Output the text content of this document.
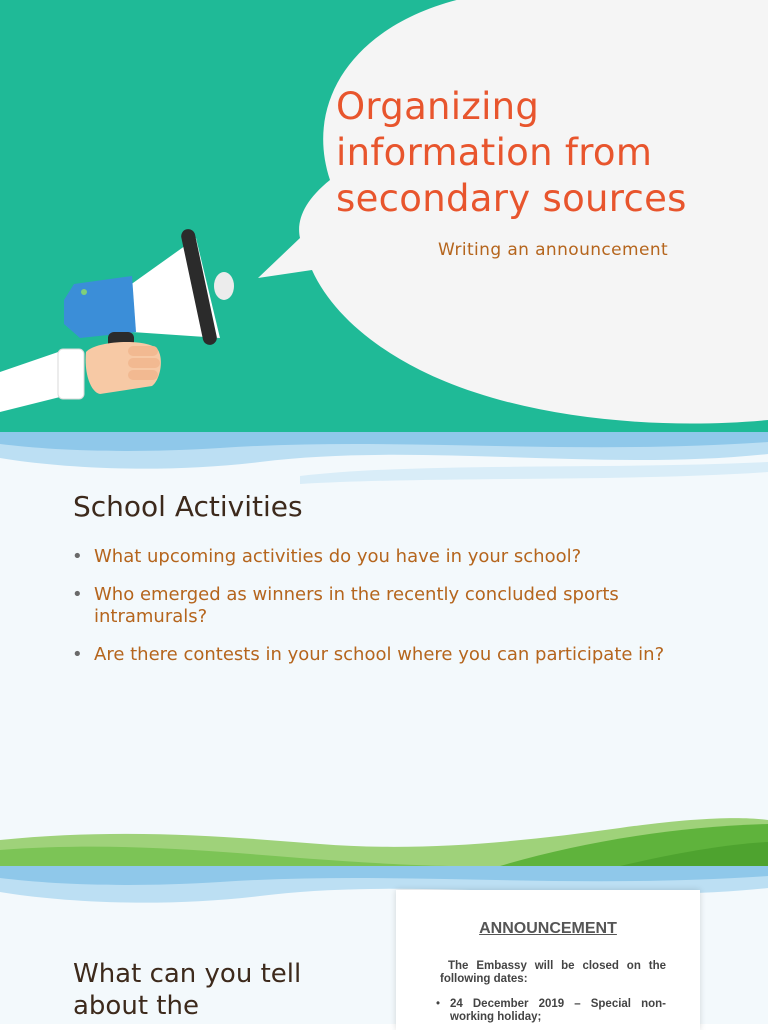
Organizing
information from
secondary sources
Writing an announcement
School Activities
• What upcoming activities do you have in your school?
• Who emerged as winners in the recently concluded sports intramurals?
• Are there contests in your school where you can participate in?
What can you tell
about the
ANNOUNCEMENT
The Embassy will be closed on the following dates:
• 24 December 2019 – Special non-working holiday;
